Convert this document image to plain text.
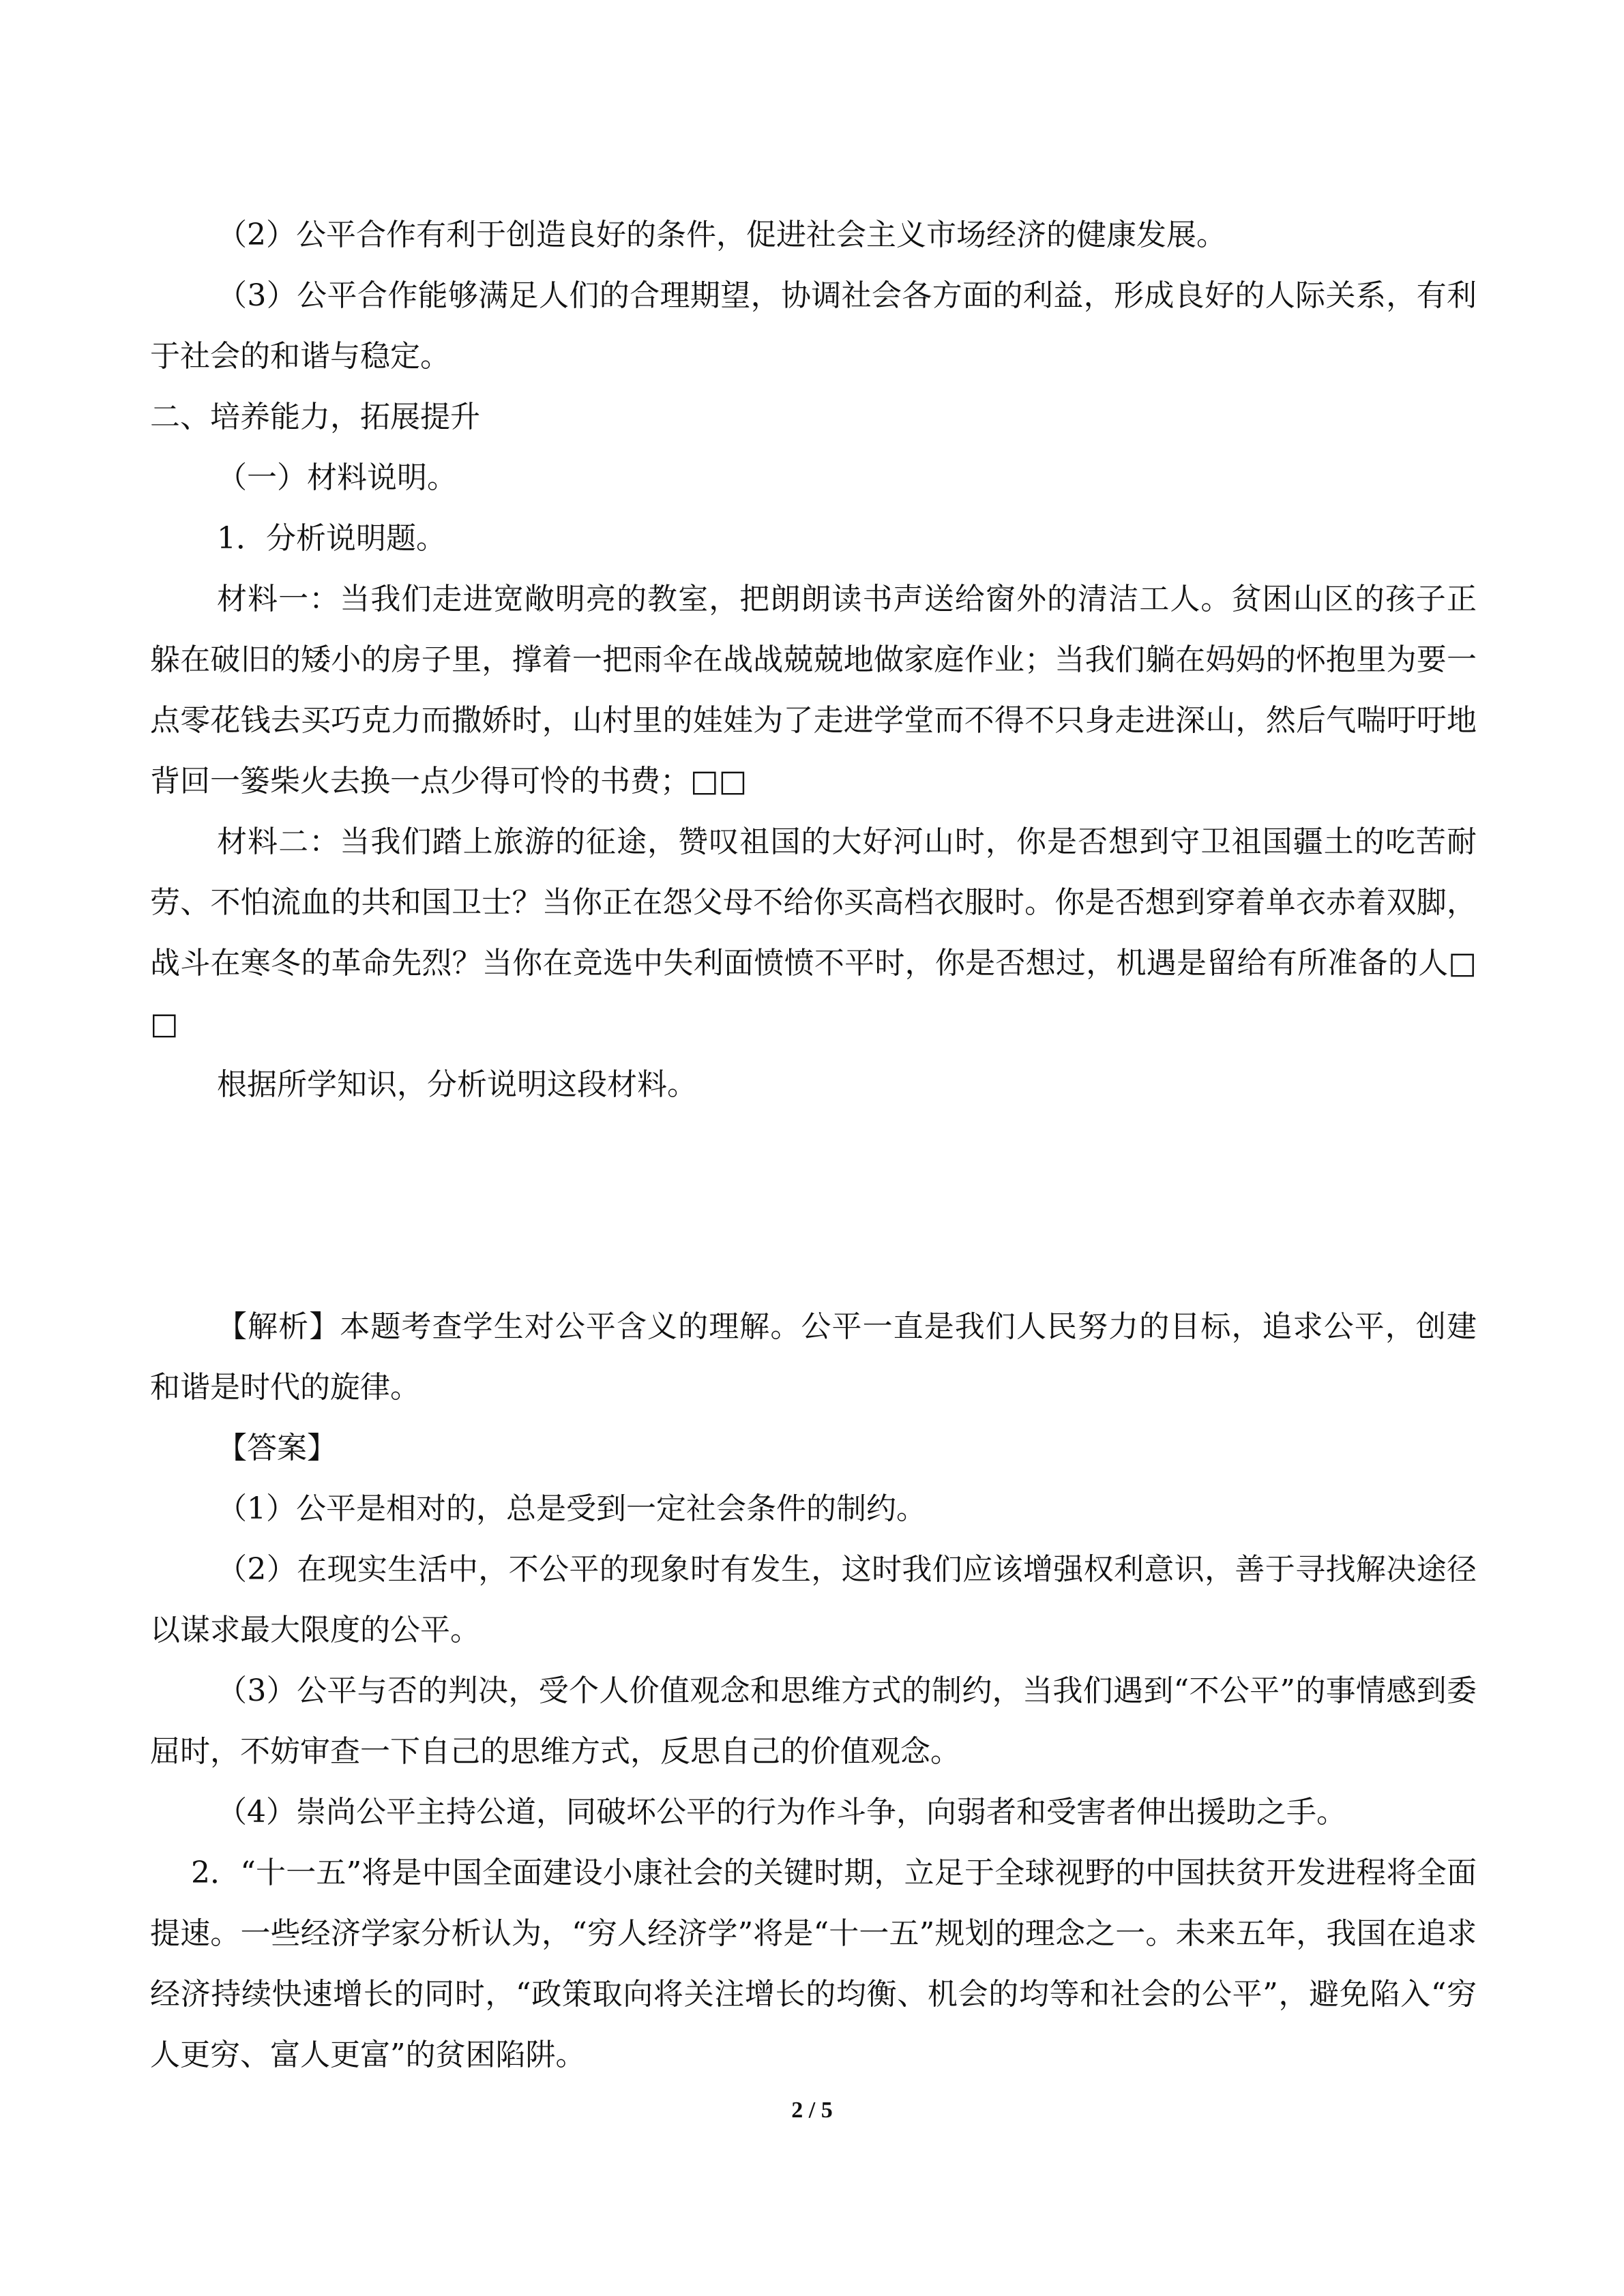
（2）公平合作有利于创造良好的条件，促进社会主义市场经济的健康发展。

（3）公平合作能够满足人们的合理期望，协调社会各方面的利益，形成良好的人际关系，有利于社会的和谐与稳定。

二、培养能力，拓展提升

（一）材料说明。

1．分析说明题。

材料一：当我们走进宽敞明亮的教室，把朗朗读书声送给窗外的清洁工人。贫困山区的孩子正躲在破旧的矮小的房子里，撑着一把雨伞在战战兢兢地做家庭作业；当我们躺在妈妈的怀抱里为要一点零花钱去买巧克力而撒娇时，山村里的娃娃为了走进学堂而不得不只身走进深山，然后气喘吁吁地背回一篓柴火去换一点少得可怜的书费；□□

材料二：当我们踏上旅游的征途，赞叹祖国的大好河山时，你是否想到守卫祖国疆土的吃苦耐劳、不怕流血的共和国卫士？当你正在怨父母不给你买高档衣服时。你是否想到穿着单衣赤着双脚，战斗在寒冬的革命先烈？当你在竞选中失利面愤愤不平时，你是否想过，机遇是留给有所准备的人□□

根据所学知识，分析说明这段材料。

【解析】本题考查学生对公平含义的理解。公平一直是我们人民努力的目标，追求公平，创建和谐是时代的旋律。

【答案】

（1）公平是相对的，总是受到一定社会条件的制约。

（2）在现实生活中，不公平的现象时有发生，这时我们应该增强权利意识，善于寻找解决途径以谋求最大限度的公平。

（3）公平与否的判决，受个人价值观念和思维方式的制约，当我们遇到“不公平”的事情感到委屈时，不妨审查一下自己的思维方式，反思自己的价值观念。

（4）崇尚公平主持公道，同破坏公平的行为作斗争，向弱者和受害者伸出援助之手。

2．“十一五”将是中国全面建设小康社会的关键时期，立足于全球视野的中国扶贫开发进程将全面提速。一些经济学家分析认为，“穷人经济学”将是“十一五”规划的理念之一。未来五年，我国在追求经济持续快速增长的同时，“政策取向将关注增长的均衡、机会的均等和社会的公平”，避免陷入“穷人更穷、富人更富”的贫困陷阱。

2 / 5
